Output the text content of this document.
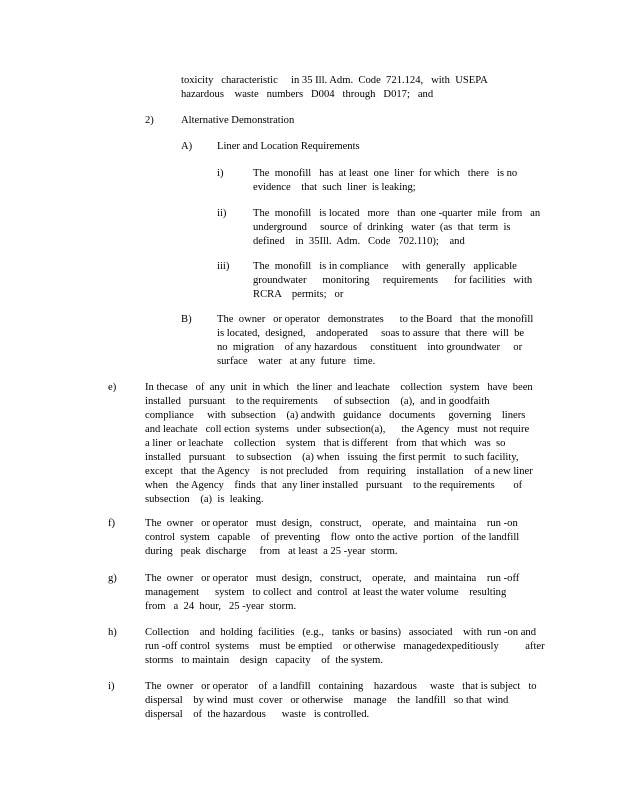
toxicity   characteristic     in 35 Ill. Adm.  Code  721.124,   with  USEPA
hazardous    waste   numbers   D004   through   D017;   and
2)	Alternative Demonstration
A) Liner and Location Requirements
i)	The  monofill   has  at least  one  liner  for which   there   is no
evidence    that  such  liner  is leaking;
ii)	The  monofill   is located   more   than  one -quarter  mile  from   an
underground     source  of  drinking   water  (as  that  term  is
defined    in  35Ill.  Adm.   Code   702.110);    and
iii) The  monofill   is in compliance     with  generally   applicable
groundwater      monitoring     requirements      for facilities   with
RCRA    permits;   or
B) The  owner   or operator   demonstrates      to the Board   that  the monofill
is located,  designed,    andoperated     soas to assure  that  there  will  be
no  migration    of any hazardous     constituent    into groundwater     or
surface    water   at any  future   time.
e)	In thecase   of  any  unit  in which   the liner  and leachate    collection   system   have  been
installed   pursuant    to the requirements      of subsection    (a),  and in goodfaith
compliance     with  subsection    (a) andwith   guidance   documents     governing    liners
and leachate   coll ection  systems   under  subsection(a),      the Agency   must  not require
a liner  or leachate    collection    system   that is different   from  that which   was  so
installed   pursuant    to subsection    (a) when   issuing  the first permit   to such facility,
except   that  the Agency    is not precluded    from   requiring    installation    of a new liner
when   the Agency    finds  that  any liner installed   pursuant    to the requirements       of
subsection    (a)  is  leaking.
f)	The  owner   or operator   must  design,   construct,    operate,   and  maintaina    run -on
control  system   capable    of  preventing    flow  onto the active  portion   of the landfill
during   peak  discharge     from   at least  a 25 -year  storm.
g)	The  owner   or operator   must  design,   construct,    operate,   and  maintaina    run -off
management      system   to collect  and  control  at least the water volume    resulting
from   a  24  hour,   25 -year  storm.
h)	Collection    and  holding  facilities   (e.g.,   tanks  or basins)   associated    with  run -on and
run -off control  systems    must  be emptied    or otherwise   managedexpeditiously          after
storms   to maintain    design   capacity    of  the system.
i)	The  owner   or operator    of  a landfill   containing    hazardous     waste   that is subject   to
dispersal    by wind  must  cover   or otherwise    manage    the  landfill   so that  wind
dispersal    of  the hazardous      waste   is controlled.
